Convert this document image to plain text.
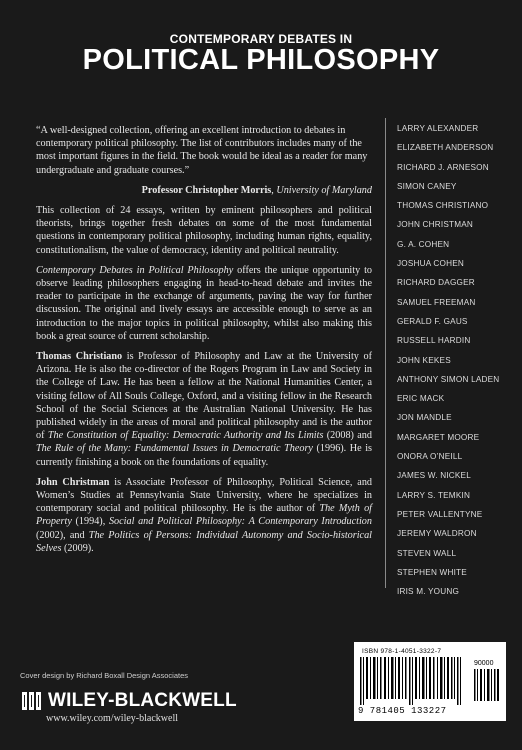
CONTEMPORARY DEBATES IN
POLITICAL PHILOSOPHY

“A well-designed collection, offering an excellent introduction to debates in contemporary political philosophy. The list of contributors includes many of the most important figures in the field. The book would be ideal as a reader for many undergraduate and graduate courses.”

Professor Christopher Morris, University of Maryland

This collection of 24 essays, written by eminent philosophers and political theorists, brings together fresh debates on some of the most fundamental questions in contemporary political philosophy, including human rights, equality, constitutionalism, the value of democracy, identity and political neutrality.

Contemporary Debates in Political Philosophy offers the unique opportunity to observe leading philosophers engaging in head-to-head debate and invites the reader to participate in the exchange of arguments, paving the way for further discussion. The original and lively essays are accessible enough to serve as an introduction to the major topics in political philosophy, whilst also making this book a great source of current scholarship.

Thomas Christiano is Professor of Philosophy and Law at the University of Arizona. He is also the co-director of the Rogers Program in Law and Society in the College of Law. He has been a fellow at the National Humanities Center, a visiting fellow of All Souls College, Oxford, and a visiting fellow in the Research School of the Social Sciences at the Australian National University. He has published widely in the areas of moral and political philosophy and is the author of The Constitution of Equality: Democratic Authority and Its Limits (2008) and The Rule of the Many: Fundamental Issues in Democratic Theory (1996). He is currently finishing a book on the foundations of equality.

John Christman is Associate Professor of Philosophy, Political Science, and Women’s Studies at Pennsylvania State University, where he specializes in contemporary social and political philosophy. He is the author of The Myth of Property (1994), Social and Political Philosophy: A Contemporary Introduction (2002), and The Politics of Persons: Individual Autonomy and Socio-historical Selves (2009).

LARRY ALEXANDER
ELIZABETH ANDERSON
RICHARD J. ARNESON
SIMON CANEY
THOMAS CHRISTIANO
JOHN CHRISTMAN
G. A. COHEN
JOSHUA COHEN
RICHARD DAGGER
SAMUEL FREEMAN
GERALD F. GAUS
RUSSELL HARDIN
JOHN KEKES
ANTHONY SIMON LADEN
ERIC MACK
JON MANDLE
MARGARET MOORE
ONORA O’NEILL
JAMES W. NICKEL
LARRY S. TEMKIN
PETER VALLENTYNE
JEREMY WALDRON
STEVEN WALL
STEPHEN WHITE
IRIS M. YOUNG
Cover design by Richard Boxall Design Associates
WILEY-BLACKWELL
www.wiley.com/wiley-blackwell
ISBN 978-1-4051-3322-7
90000
9 781405 133227
